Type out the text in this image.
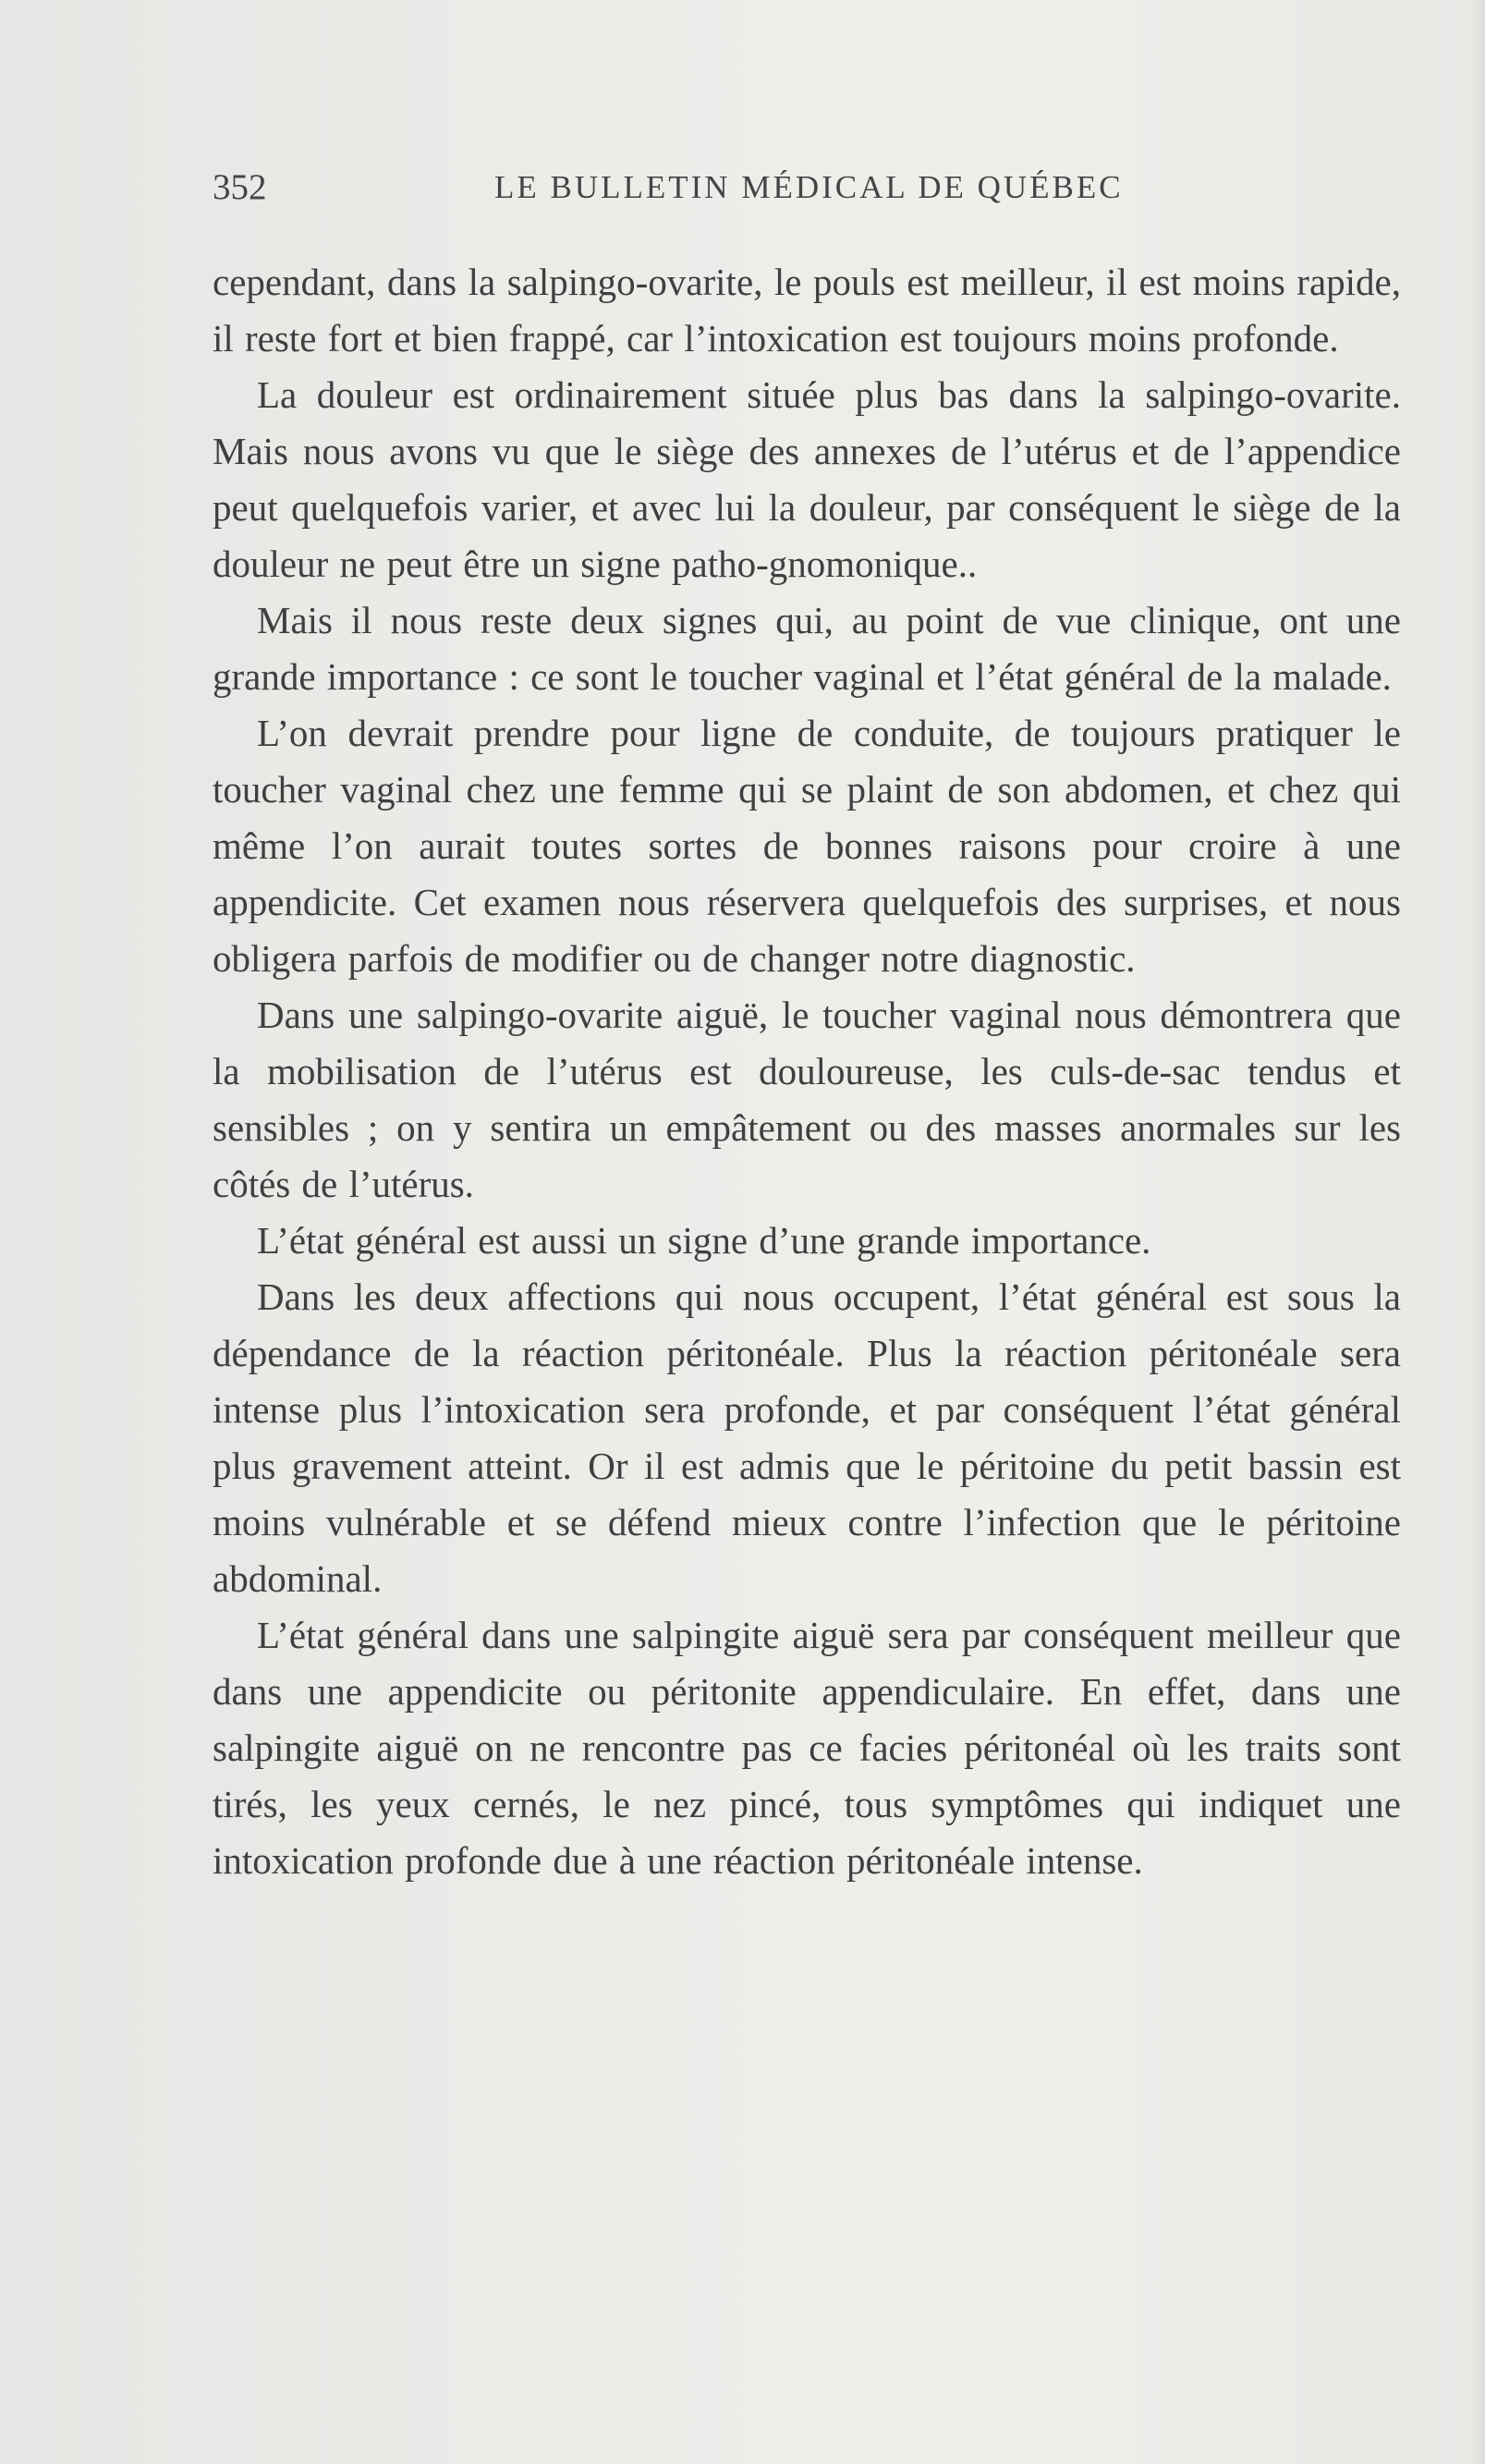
352	LE BULLETIN MÉDICAL DE QUÉBEC

cependant, dans la salpingo-ovarite, le pouls est meilleur, il est moins rapide, il reste fort et bien frappé, car l’intoxication est toujours moins profonde.

La douleur est ordinairement située plus bas dans la salpingo-ovarite. Mais nous avons vu que le siège des annexes de l’utérus et de l’appendice peut quelquefois varier, et avec lui la douleur, par conséquent le siège de la douleur ne peut être un signe patho-gnomonique..

Mais il nous reste deux signes qui, au point de vue clinique, ont une grande importance : ce sont le toucher vaginal et l’état général de la malade.

L’on devrait prendre pour ligne de conduite, de toujours pratiquer le toucher vaginal chez une femme qui se plaint de son abdomen, et chez qui même l’on aurait toutes sortes de bonnes raisons pour croire à une appendicite. Cet examen nous réservera quelquefois des surprises, et nous obligera parfois de modifier ou de changer notre diagnostic.

Dans une salpingo-ovarite aiguë, le toucher vaginal nous démontrera que la mobilisation de l’utérus est douloureuse, les culs-de-sac tendus et sensibles ; on y sentira un empâtement ou des masses anormales sur les côtés de l’utérus.

L’état général est aussi un signe d’une grande importance.

Dans les deux affections qui nous occupent, l’état général est sous la dépendance de la réaction péritonéale. Plus la réaction péritonéale sera intense plus l’intoxication sera profonde, et par conséquent l’état général plus gravement atteint. Or il est admis que le péritoine du petit bassin est moins vulnérable et se défend mieux contre l’infection que le péritoine abdominal.

L’état général dans une salpingite aiguë sera par conséquent meilleur que dans une appendicite ou péritonite appendiculaire. En effet, dans une salpingite aiguë on ne rencontre pas ce facies péritonéal où les traits sont tirés, les yeux cernés, le nez pincé, tous symptômes qui indiquet une intoxication profonde due à une réaction péritonéale intense.
